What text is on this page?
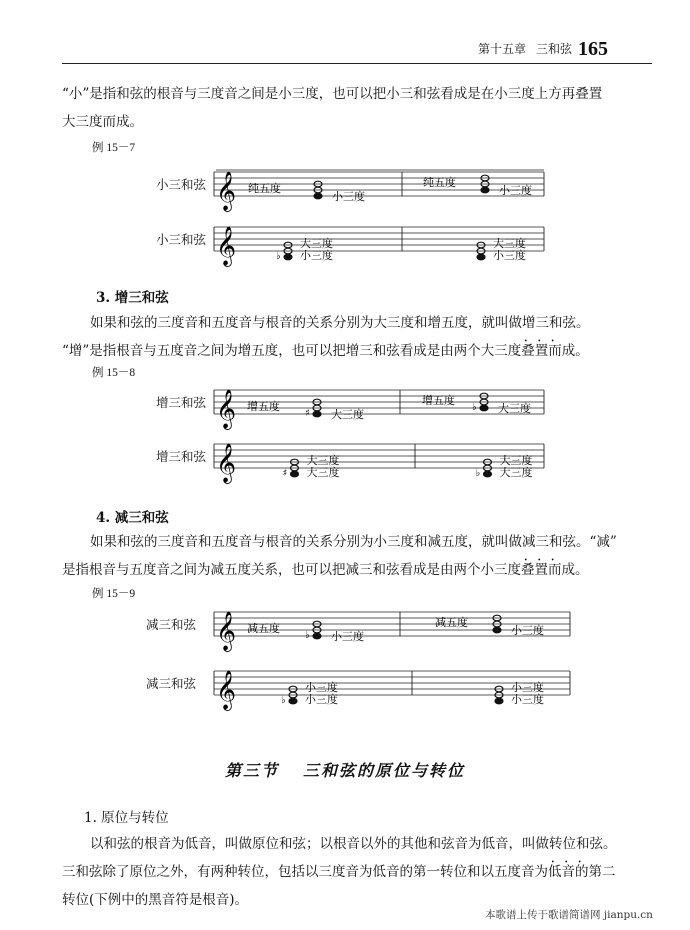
第十五章 三和弦 165
“小”是指和弦的根音与三度音之间是小三度，也可以把小三和弦看成是在小三度上方再叠置
大三度而成。
例 15－7
小三和弦 𝄞 纯五度
小三度
纯五度
小三度
小三和弦 𝄞	♭
大三度
小三度
大三度
小三度
增三和弦 𝄞 增五度
♯ 大三度
增五度
♭ 大三度
增三和弦 𝄞	♯
大三度
大三度	♭
大三度
大三度
减三和弦 𝄞 减五度
♭ 小三度
减五度
小三度
减三和弦 𝄞	♭
小三度
小三度
小三度
小三度
3. 增三和弦
如果和弦的三度音和五度音与根音的关系分别为大三度和增五度，就叫做增三和弦 • • •。
“增”是指根音与五度音之间为增五度，也可以把增三和弦看成是由两个大三度叠置而成。
例 15－8
4. 减三和弦
如果和弦的三度音和五度音与根音的关系分别为小三度和减五度，就叫做减三和弦 • • •。“减”
是指根音与五度音之间为减五度关系，也可以把减三和弦看成是由两个小三度叠置而成。
例 15－9
第三节 三和弦的原位与转位
1. 原位与转位
以和弦的根音为低音，叫做原位和弦；以根音以外的其他和弦音为低音，叫做转位和弦 • • •。
三和弦除了原位之外，有两种转位，包括以三度音为低音的第一转位和以五度音为低音的第二
转位(下例中的黑音符是根音)。
本歌谱上传于歌谱简谱网 jianpu.cn
